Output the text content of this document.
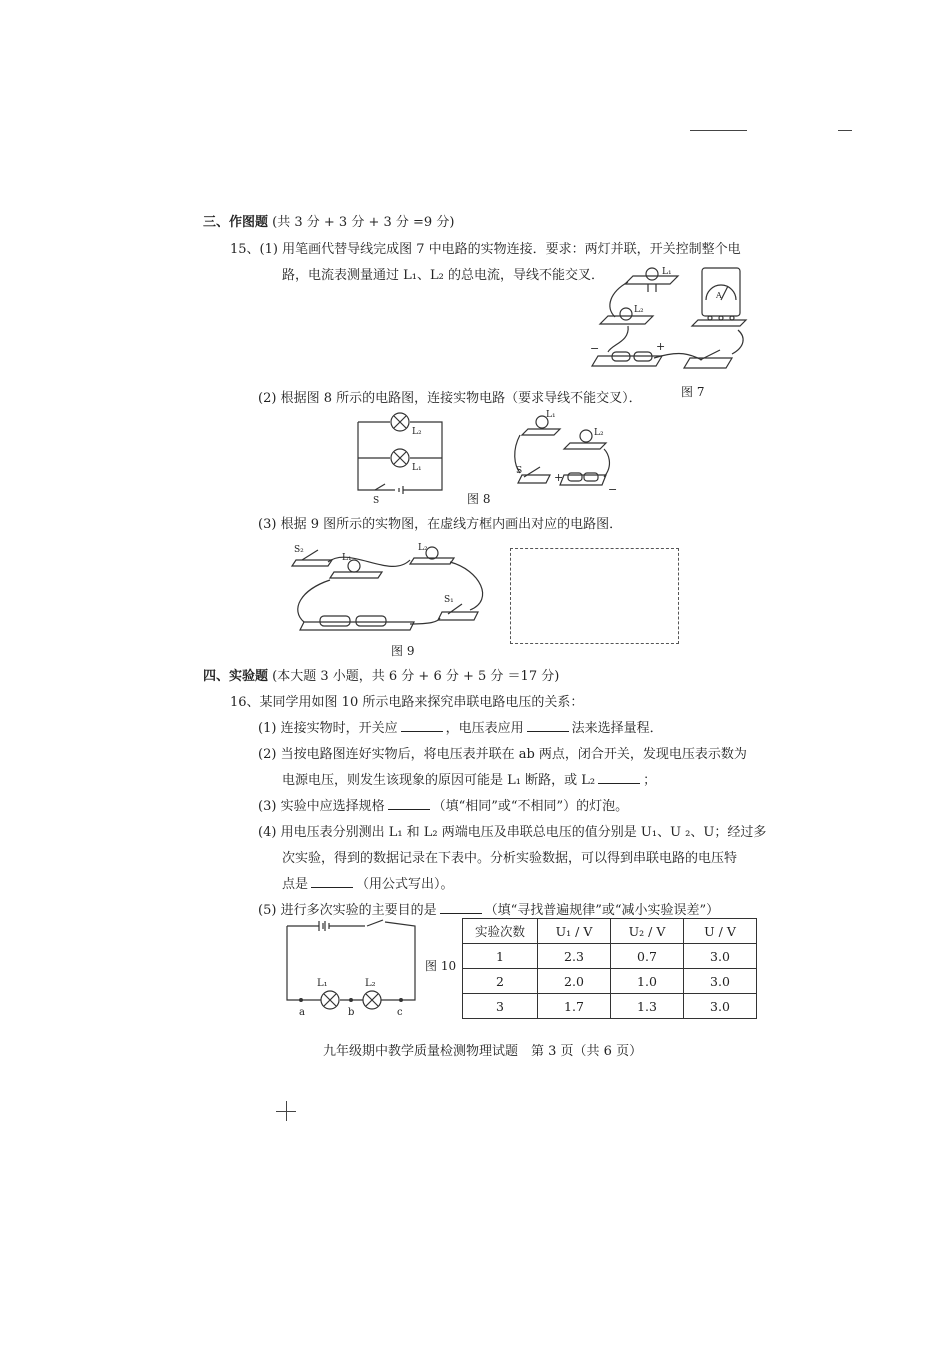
三、作图题 (共 3 分 + 3 分 + 3 分 =9 分)
15、(1) 用笔画代替导线完成图 7 中电路的实物连接．要求：两灯并联，开关控制整个电
路，电流表测量通过 L₁、L₂ 的总电流，导线不能交叉．	L₁
L₂
A
−	+
图 7
(2) 根据图 8 所示的电路图，连接实物电路（要求导线不能交叉）．
L₂
L₁
S
L₁
L₂
S	+
−
图 8
(3) 根据 9 图所示的实物图，在虚线方框内画出对应的电路图．
S₂
L₁
L₂
S₁
图 9
四、实验题 (本大题 3 小题，共 6 分 + 6 分 + 5 分 ＝17 分)
16、某同学用如图 10 所示电路来探究串联电路电压的关系：
(1) 连接实物时，开关应	，电压表应用	法来选择量程．
(2) 当按电路图连好实物后，将电压表并联在 ab 两点，闭合开关，发现电压表示数为
电源电压，则发生该现象的原因可能是 L₁ 断路，或 L₂	；
(3) 实验中应选择规格	（填“相同”或“不相同”）的灯泡。
(4) 用电压表分别测出 L₁ 和 L₂ 两端电压及串联总电压的值分别是 U₁、U ₂、U；经过多
次实验，得到的数据记录在下表中。分析实验数据，可以得到串联电路的电压特
点是	（用公式写出）。
(5) 进行多次实验的主要目的是	（填“寻找普遍规律”或“减小实验误差”）
L₁	L₂
a	b	c
图 10
实验次数	U₁ / V	U₂ / V	U / V
1	2.3	0.7	3.0
2	2.0	1.0	3.0
3	1.7	1.3	3.0
九年级期中教学质量检测物理试题　第 3 页（共 6 页）
